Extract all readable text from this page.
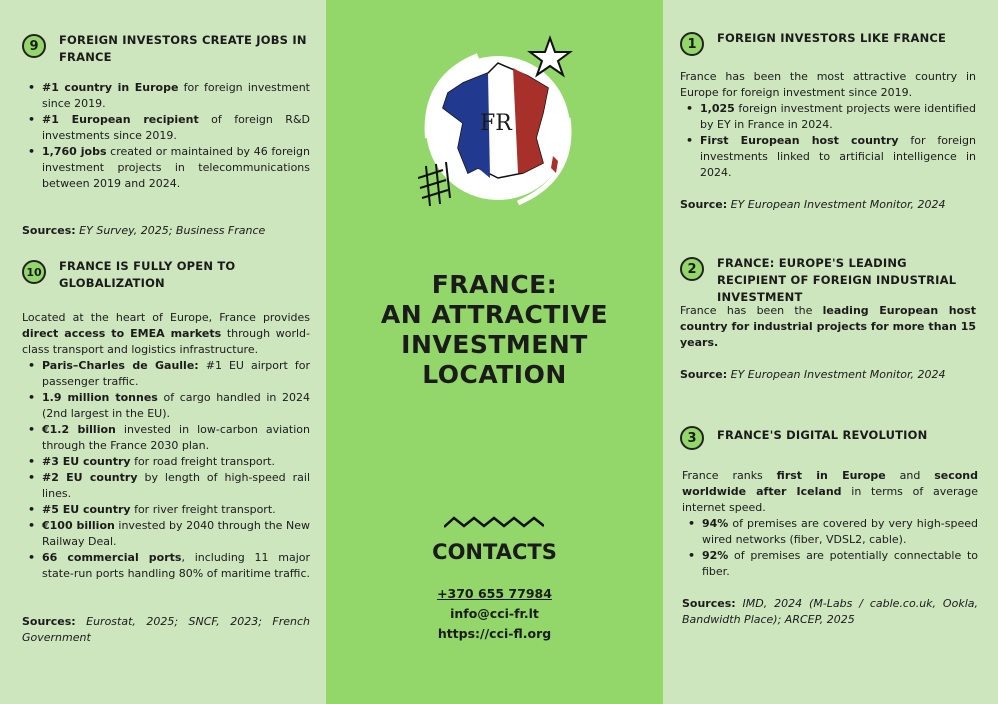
9	FOREIGN INVESTORS CREATE JOBS IN FRANCE
• #1 country in Europe for foreign investment since 2019.
• #1 European recipient of foreign R&D investments since 2019.
• 1,760 jobs created or maintained by 46 foreign investment projects in telecommunications between 2019 and 2024.
Sources: EY Survey, 2025; Business France
10	FRANCE IS FULLY OPEN TO GLOBALIZATION
Located at the heart of Europe, France provides direct access to EMEA markets through world-class transport and logistics infrastructure.
• Paris–Charles de Gaulle: #1 EU airport for passenger traffic.
• 1.9 million tonnes of cargo handled in 2024 (2nd largest in the EU).
• €1.2 billion invested in low-carbon aviation through the France 2030 plan.
• #3 EU country for road freight transport.
• #2 EU country by length of high-speed rail lines.
• #5 EU country for river freight transport.
• €100 billion invested by 2040 through the New Railway Deal.
• 66 commercial ports, including 11 major state-run ports handling 80% of maritime traffic.
Sources: Eurostat, 2025; SNCF, 2023; French Government
FR
FRANCE:
AN ATTRACTIVE
INVESTMENT
LOCATION
CONTACTS
+370 655 77984
info@cci-fr.lt
https://cci-fl.org
1	FOREIGN INVESTORS LIKE FRANCE
France has been the most attractive country in Europe for foreign investment since 2019.
• 1,025 foreign investment projects were identified by EY in France in 2024.
• First European host country for foreign investments linked to artificial intelligence in 2024.
Source: EY European Investment Monitor, 2024
2	FRANCE: EUROPE'S LEADING RECIPIENT OF FOREIGN INDUSTRIAL INVESTMENT
France has been the leading European host country for industrial projects for more than 15 years.
Source: EY European Investment Monitor, 2024
3	FRANCE'S DIGITAL REVOLUTION
France ranks first in Europe and second worldwide after Iceland in terms of average internet speed.
• 94% of premises are covered by very high-speed wired networks (fiber, VDSL2, cable).
• 92% of premises are potentially connectable to fiber.
Sources: IMD, 2024 (M-Labs / cable.co.uk, Ookla, Bandwidth Place); ARCEP, 2025
